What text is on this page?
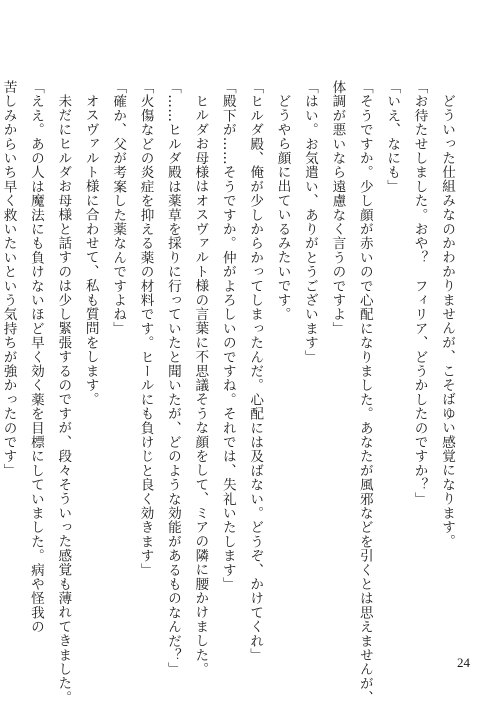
どういった仕組みなのかわかりませんが、こそばゆい感覚になります。
「お待たせしました。おや？　フィリア、どうかしたのですか？」
「いえ、なにも」
「そうですか。少し顔が赤いので心配になりました。あなたが風邪などを引くとは思えませんが、
体調が悪いなら遠慮なく言うのですよ」
「はい。お気遣い、ありがとうございます」
どうやら顔に出ているみたいです。
「ヒルダ殿、俺が少しからかってしまったんだ。心配には及ばない。どうぞ、かけてくれ」
「殿下が……そうですか。仲がよろしいのですね。それでは、失礼いたします」
ヒルダお母様はオスヴァルト様の言葉に不思議そうな顔をして、ミアの隣に腰かけました。
「……ヒルダ殿は薬草を採りに行っていたと聞いたが、どのような効能があるものなんだ？」
「火傷などの炎症を抑える薬の材料です。ヒールにも負けじと良く効きます」
「確か、父が考案した薬なんですよね」
オスヴァルト様に合わせて、私も質問をします。
未だにヒルダお母様と話すのは少し緊張するのですが、段々そういった感覚も薄れてきました。
「ええ。あの人は魔法にも負けないほど早く効く薬を目標にしていました。病や怪我の
苦しみからいち早く救いたいという気持ちが強かったのです」
24
